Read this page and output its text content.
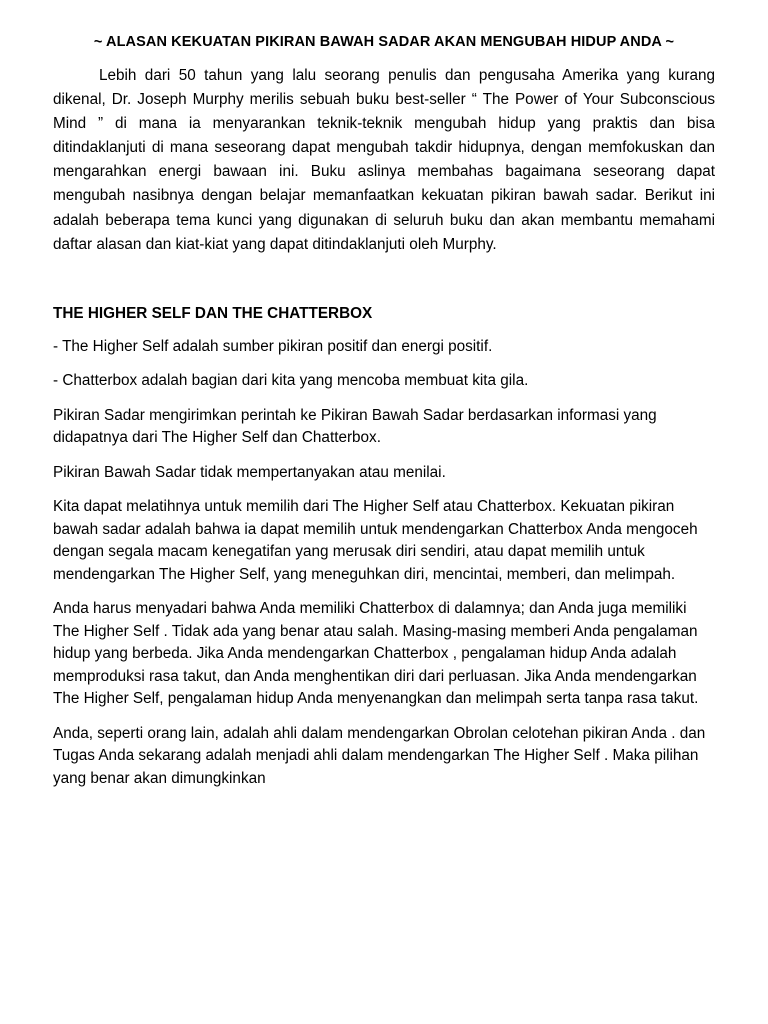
~ ALASAN KEKUATAN PIKIRAN BAWAH SADAR AKAN MENGUBAH HIDUP ANDA ~

Lebih dari 50 tahun yang lalu seorang penulis dan pengusaha Amerika yang kurang dikenal, Dr. Joseph Murphy merilis sebuah buku best-seller “ The Power of Your Subconscious Mind ” di mana ia menyarankan teknik-teknik mengubah hidup yang praktis dan bisa ditindaklanjuti di mana seseorang dapat mengubah takdir hidupnya, dengan memfokuskan dan mengarahkan energi bawaan ini. Buku aslinya membahas bagaimana seseorang dapat mengubah nasibnya dengan belajar memanfaatkan kekuatan pikiran bawah sadar. Berikut ini adalah beberapa tema kunci yang digunakan di seluruh buku dan akan membantu memahami daftar alasan dan kiat-kiat yang dapat ditindaklanjuti oleh Murphy.

THE HIGHER SELF DAN THE CHATTERBOX

- The Higher Self adalah sumber pikiran positif dan energi positif.

- Chatterbox adalah bagian dari kita yang mencoba membuat kita gila.

Pikiran Sadar mengirimkan perintah ke Pikiran Bawah Sadar berdasarkan informasi yang didapatnya dari The Higher Self dan Chatterbox.

Pikiran Bawah Sadar tidak mempertanyakan atau menilai.

Kita dapat melatihnya untuk memilih dari The Higher Self atau Chatterbox. Kekuatan pikiran bawah sadar adalah bahwa ia dapat memilih untuk mendengarkan Chatterbox Anda mengoceh dengan segala macam kenegatifan yang merusak diri sendiri, atau dapat memilih untuk mendengarkan The Higher Self, yang meneguhkan diri, mencintai, memberi, dan melimpah.

Anda harus menyadari bahwa Anda memiliki Chatterbox di dalamnya; dan Anda juga memiliki The Higher Self . Tidak ada yang benar atau salah. Masing-masing memberi Anda pengalaman hidup yang berbeda. Jika Anda mendengarkan Chatterbox , pengalaman hidup Anda adalah memproduksi rasa takut, dan Anda menghentikan diri dari perluasan. Jika Anda mendengarkan The Higher Self, pengalaman hidup Anda menyenangkan dan melimpah serta tanpa rasa takut.

Anda, seperti orang lain, adalah ahli dalam mendengarkan Obrolan celotehan pikiran Anda . dan Tugas Anda sekarang adalah menjadi ahli dalam mendengarkan The Higher Self . Maka pilihan yang benar akan dimungkinkan
